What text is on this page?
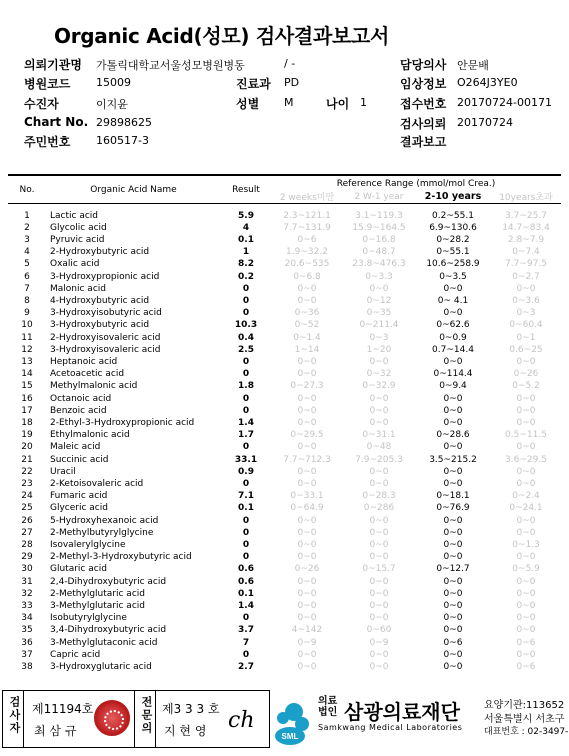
Organic Acid(성모) 검사결과보고서
의뢰기관명 가톨릭대학교서울성모병원병동	/ -	담당의사 안문배
병원코드 15009	진료과 PD	임상정보 O264J3YE0
수진자	이지윤	성별 M	나이 1	접수번호 20170724-00171
Chart No. 29898625	검사의뢰 20170724
주민번호 160517-3	결과보고
No.	Organic Acid Name	Result	Reference Range (mmol/mol Crea.)			
			2 weeks미만	2 W-1 year	2-10 years	10years초과

1	Lactic acid	5.9	2.3~121.1	3.1~119.3	0.2~55.1	3.7~25.7
2	Glycolic acid	4	7.7~131.9	15.9~164.5	6.9~130.6	14.7~83.4
3	Pyruvic acid	0.1	0~6	0~16.8	0~28.2	2.8~7.9
4	2-Hydroxybutyric acid	1	1.9~32.2	0~48.7	0~55.1	0~7.4
5	Oxalic acid	8.2	20.6~535	23.8~476.3	10.6~258.9	7.7~97.5
6	3-Hydroxypropionic acid	0.2	0~6.8	0~3.3	0~3.5	0~2.7
7	Malonic acid	0	0~0	0~0	0~0	0~0
8	4-Hydroxybutyric acid	0	0~0	0~12	0~ 4.1	0~3.6
9	3-Hydroxyisobutyric acid	0	0~36	0~35	0~0	0~3
10	3-Hydroxybutyric acid	10.3	0~52	0~211.4	0~62.6	0~60.4
11	2-Hydroxyisovaleric acid	0.4	0~1.4	0~3	0~0.9	0~1
12	3-Hydroxyisovaleric acid	2.5	1~14	1~20	0.7~14.4	0.6~25
13	Heptanoic acid	0	0~0	0~0	0~0	0~0
14	Acetoacetic acid	0	0~0	0~32	0~114.4	0~26
15	Methylmalonic acid	1.8	0~27.3	0~32.9	0~9.4	0~5.2
16	Octanoic acid	0	0~0	0~0	0~0	0~0
17	Benzoic acid	0	0~0	0~0	0~0	0~0
18	2-Ethyl-3-Hydroxypropionic acid	1.4	0~0	0~0	0~0	0~0
19	Ethylmalonic acid	1.7	0~29.5	0~31.1	0~28.6	0.5~11.5
20	Maleic acid	0	0~0	0~48	0~0	0~0
21	Succinic acid	33.1	7.7~712.3	7.9~205.3	3.5~215.2	3.6~29.5
22	Uracil	0.9	0~0	0~0	0~0	0~0
23	2-Ketoisovaleric acid	0	0~0	0~0	0~0	0~0
24	Fumaric acid	7.1	0~33.1	0~28.3	0~18.1	0~2.4
25	Glyceric acid	0.1	0~64.9	0~286	0~76.9	0~24.1
26	5-Hydroxyhexanoic acid	0	0~0	0~0	0~0	0~0
27	2-Methylbutyrylglycine	0	0~0	0~0	0~0	0~0
28	Isovalerylglycine	0	0~0	0~0	0~0	0~1.3
29	2-Methyl-3-Hydroxybutyric acid	0	0~0	0~0	0~0	0~0
30	Glutaric acid	0.6	0~26	0~15.7	0~12.7	0~5.9
31	2,4-Dihydroxybutyric acid	0.6	0~0	0~0	0~0	0~0
32	2-Methylglutaric acid	0.1	0~0	0~0	0~0	0~0
33	3-Methylglutaric acid	1.4	0~0	0~0	0~0	0~0
34	Isobutyrylglycine	0	0~0	0~0	0~0	0~0
35	3,4-Dihydroxybutyric acid	3.7	4~142	0~60	0~0	0~0
36	3-Methylglutaconic acid	7	0~9	0~9	0~6	0~6
37	Capric acid	0	0~0	0~0	0~0	0~0
38	3-Hydroxyglutaric acid	2.7	0~0	0~0	0~0	0~6
검사자 제11194호
최 삼 규	전문의 제3 3 3 호
지 현 영 ch
SML
의료법인 삼광의료재단
Samkwang Medical Laboratories
요양기관:113652
서울특별시 서초구
대표번호 : 02-3497-
